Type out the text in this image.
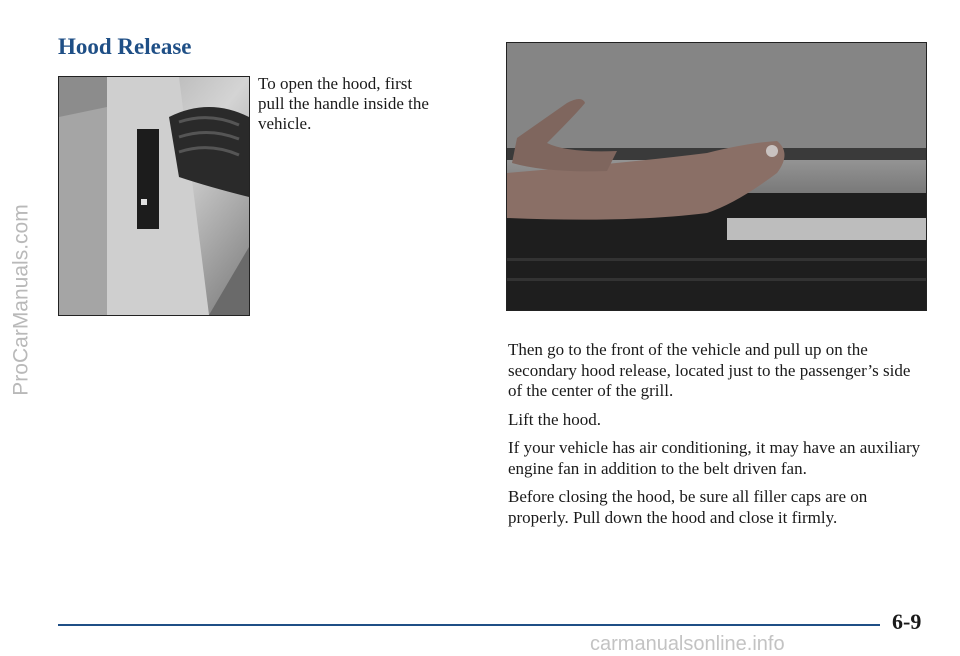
ProCarManuals.com
Hood Release

To open the hood, first pull the handle inside the vehicle.

Then go to the front of the vehicle and pull up on the secondary hood release, located just to the passenger’s side of the center of the grill.

Lift the hood.

If your vehicle has air conditioning, it may have an auxiliary engine fan in addition to the belt driven fan.

Before closing the hood, be sure all filler caps are on properly. Pull down the hood and close it firmly.

6-9
carmanualsonline.info
